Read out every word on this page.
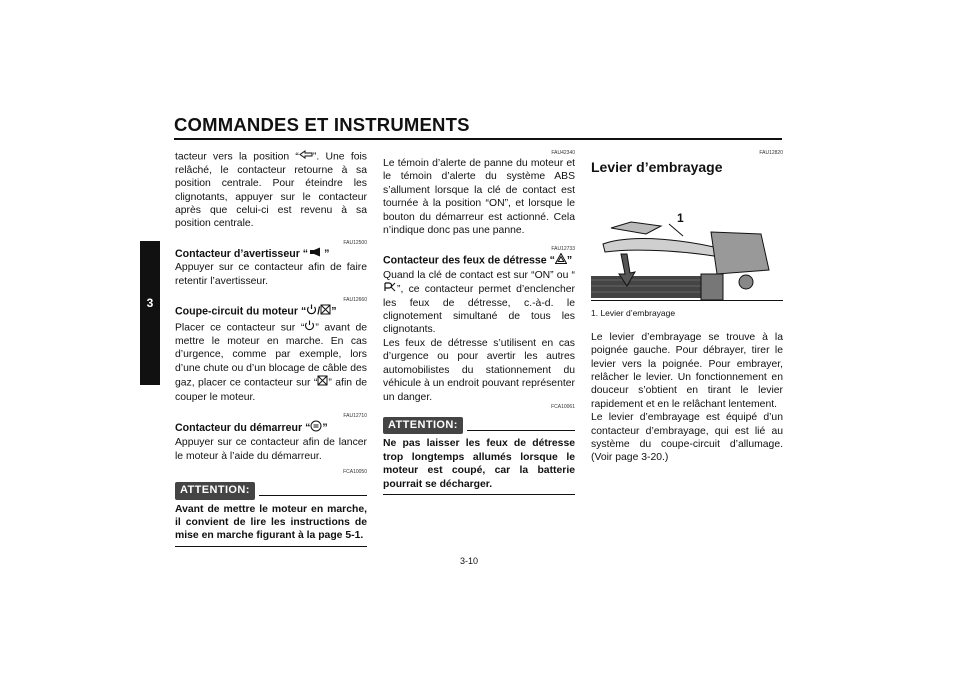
COMMANDES ET INSTRUMENTS
3

tacteur vers la position “ ”. Une fois relâché, le contacteur retourne à sa position centrale. Pour éteindre les clignotants, appuyer sur le contacteur après que celui-ci est revenu à sa position centrale.

FAU12500
Contacteur d’avertisseur “ ”

Appuyer sur ce contacteur afin de faire retentir l’avertisseur.

FAU12660
Coupe-circuit du moteur “ / ”

Placer ce contacteur sur “ ” avant de mettre le moteur en marche. En cas d’urgence, comme par exemple, lors d’une chute ou d’un blocage de câble des gaz, placer ce contacteur sur “ ” afin de couper le moteur.

FAU12710
Contacteur du démarreur “ ”

Appuyer sur ce contacteur afin de lancer le moteur à l’aide du démarreur.

FCA10050
ATTENTION:
Avant de mettre le moteur en marche, il convient de lire les instructions de mise en marche figurant à la page 5-1.
FAU42340

Le témoin d’alerte de panne du moteur et le témoin d’alerte du système ABS s’allument lorsque la clé de contact est tournée à la position “ON”, et lorsque le bouton du démarreur est actionné. Cela n’indique donc pas une panne.

FAU12733
Contacteur des feux de détresse “ ”

Quand la clé de contact est sur “ON” ou “”, ce contacteur permet d’enclencher les feux de détresse, c.-à-d. le clignotement simultané de tous les clignotants.

Les feux de détresse s’utilisent en cas d’urgence ou pour avertir les autres automobilistes du stationnement du véhicule à un endroit pouvant représenter un danger.

FCA10061
ATTENTION:
Ne pas laisser les feux de détresse trop longtemps allumés lorsque le moteur est coupé, car la batterie pourrait se décharger.
FAU12820
Levier d’embrayage
1
1. Levier d’embrayage

Le levier d’embrayage se trouve à la poignée gauche. Pour débrayer, tirer le levier vers la poignée. Pour embrayer, relâcher le levier. Un fonctionnement en douceur s’obtient en tirant le levier rapidement et en le relâchant lentement.

Le levier d’embrayage est équipé d’un contacteur d’embrayage, qui est lié au système du coupe-circuit d’allumage. (Voir page 3-20.)

3-10
